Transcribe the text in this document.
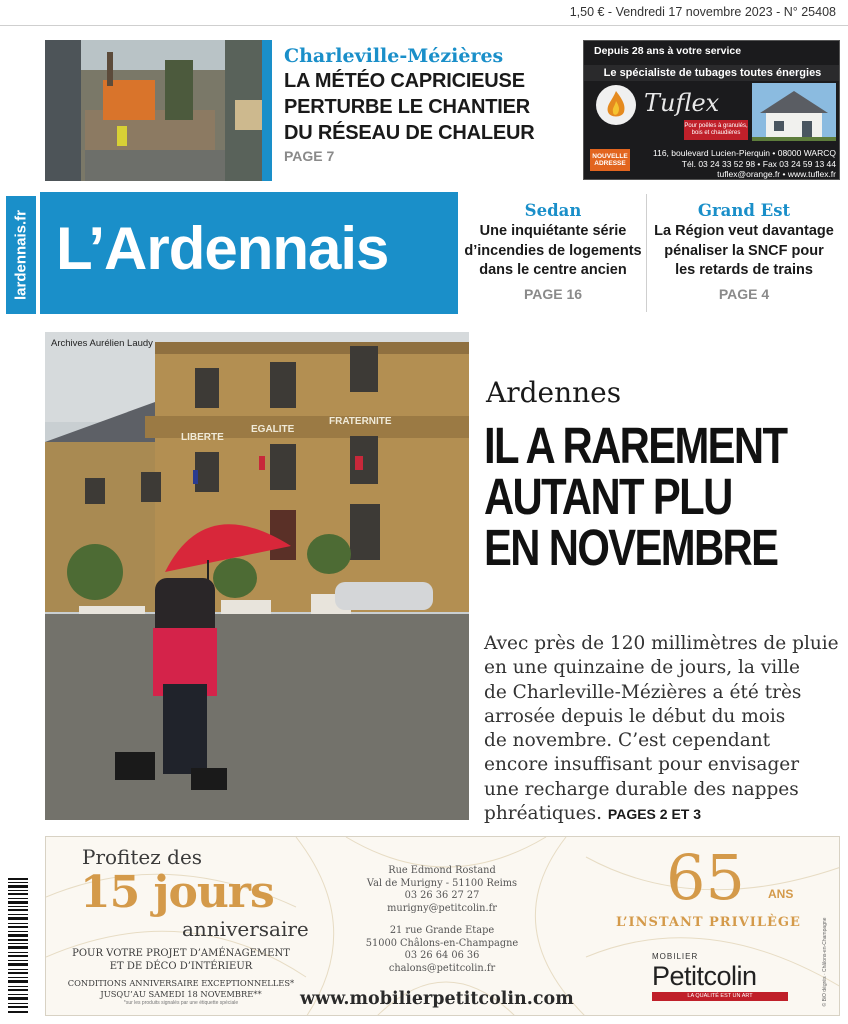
1,50 € - Vendredi 17 novembre 2023 - N° 25408
Charleville-Mézières
LA MÉTÉO CAPRICIEUSE
PERTURBE LE CHANTIER
DU RÉSEAU DE CHALEUR
PAGE 7
Depuis 28 ans à votre service
Le spécialiste de tubages toutes énergies
Tuflex
Pour poêles à granulés, bois et chaudières
NOUVELLE ADRESSE
116, boulevard Lucien-Pierquin • 08000 WARCQ
Tél. 03 24 33 52 98 • Fax 03 24 59 13 44
tuflex@orange.fr • www.tuflex.fr
lardennais.fr L’Ardennais
Sedan
Une inquiétante série
d’incendies de logements
dans le centre ancien
PAGE 16
Grand Est
La Région veut davantage
pénaliser la SNCF pour
les retards de trains
PAGE 4
LIBERTE
EGALITE
FRATERNITE
Archives Aurélien Laudy
Ardennes
IL A RAREMENT
AUTANT PLU
EN NOVEMBRE
Avec près de 120 millimètres de pluie
en une quinzaine de jours, la ville
de Charleville-Mézières a été très
arrosée depuis le début du mois
de novembre. C’est cependant
encore insuffisant pour envisager
une recharge durable des nappes
phréatiques. PAGES 2 ET 3
Profitez des
15 jours
anniversaire
POUR VOTRE PROJET D’AMÉNAGEMENT
ET DE DÉCO D’INTÉRIEUR
CONDITIONS ANNIVERSAIRE EXCEPTIONNELLES*
JUSQU’AU SAMEDI 18 NOVEMBRE**
*sur les produits signalés par une étiquette spéciale
Rue Edmond Rostand
Val de Murigny - 51100 Reims
03 26 36 27 27
murigny@petitcolin.fr
21 rue Grande Etape
51000 Châlons-en-Champagne
03 26 64 06 36
chalons@petitcolin.fr
www.mobilierpetitcolin.com
65 ANS
L’INSTANT PRIVILÈGE
MOBILIER
Petitcolin
LA QUALITÉ EST UN ART	© BiO dégrés · Châlons-en-Champagne
